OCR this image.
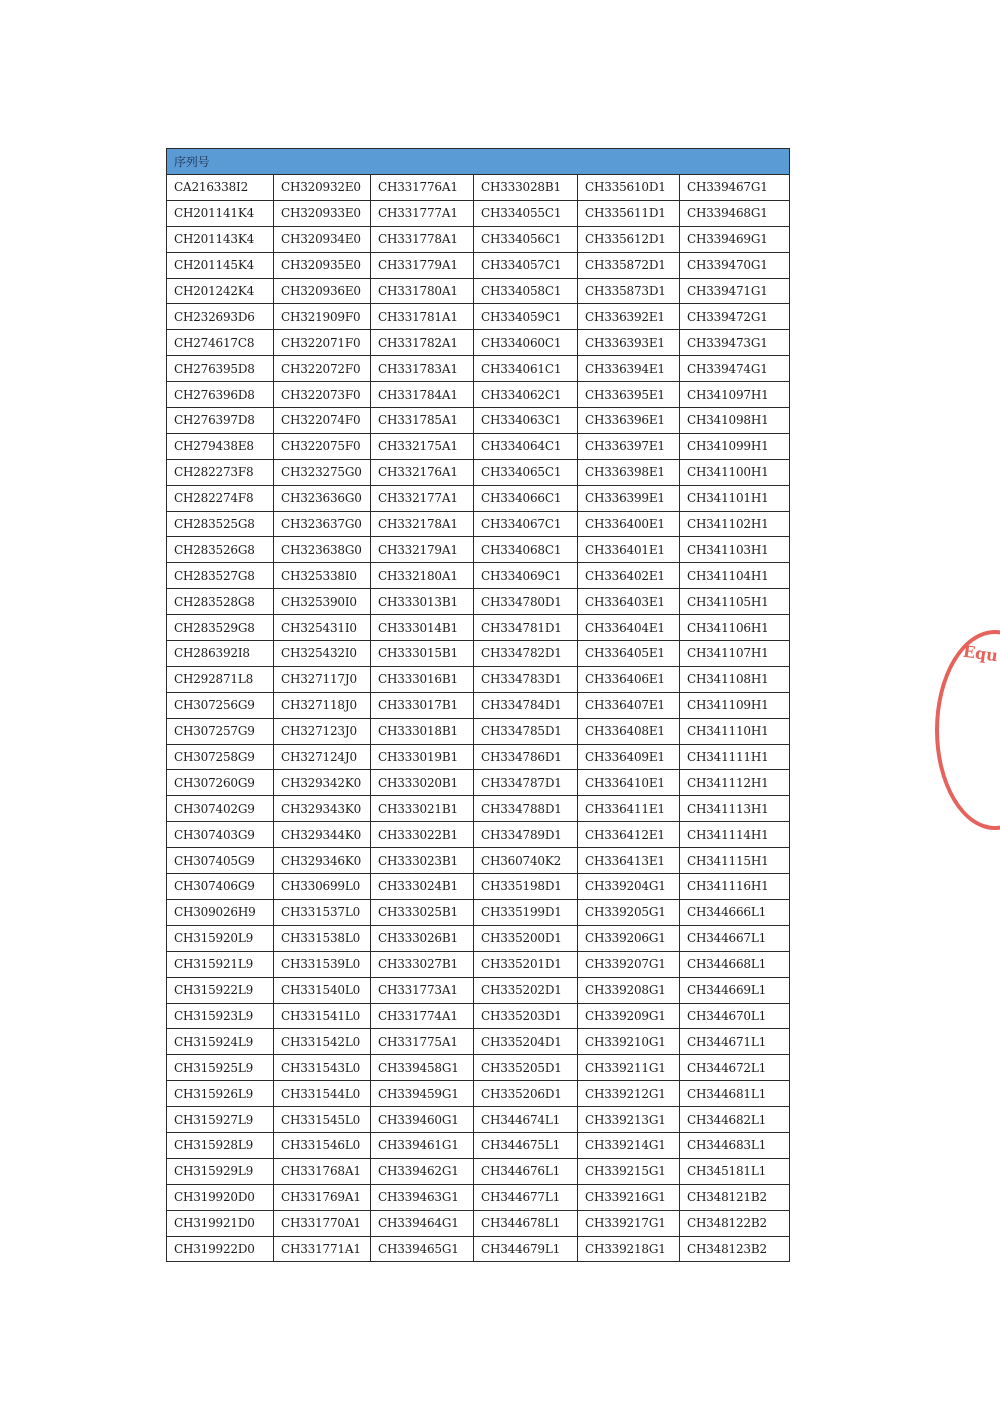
序列号					
CA216338I2	CH320932E0	CH331776A1	CH333028B1	CH335610D1	CH339467G1
CH201141K4	CH320933E0	CH331777A1	CH334055C1	CH335611D1	CH339468G1
CH201143K4	CH320934E0	CH331778A1	CH334056C1	CH335612D1	CH339469G1
CH201145K4	CH320935E0	CH331779A1	CH334057C1	CH335872D1	CH339470G1
CH201242K4	CH320936E0	CH331780A1	CH334058C1	CH335873D1	CH339471G1
CH232693D6	CH321909F0	CH331781A1	CH334059C1	CH336392E1	CH339472G1
CH274617C8	CH322071F0	CH331782A1	CH334060C1	CH336393E1	CH339473G1
CH276395D8	CH322072F0	CH331783A1	CH334061C1	CH336394E1	CH339474G1
CH276396D8	CH322073F0	CH331784A1	CH334062C1	CH336395E1	CH341097H1
CH276397D8	CH322074F0	CH331785A1	CH334063C1	CH336396E1	CH341098H1
CH279438E8	CH322075F0	CH332175A1	CH334064C1	CH336397E1	CH341099H1
CH282273F8	CH323275G0	CH332176A1	CH334065C1	CH336398E1	CH341100H1
CH282274F8	CH323636G0	CH332177A1	CH334066C1	CH336399E1	CH341101H1
CH283525G8	CH323637G0	CH332178A1	CH334067C1	CH336400E1	CH341102H1
CH283526G8	CH323638G0	CH332179A1	CH334068C1	CH336401E1	CH341103H1
CH283527G8	CH325338I0	CH332180A1	CH334069C1	CH336402E1	CH341104H1
CH283528G8	CH325390I0	CH333013B1	CH334780D1	CH336403E1	CH341105H1
CH283529G8	CH325431I0	CH333014B1	CH334781D1	CH336404E1	CH341106H1
CH286392I8	CH325432I0	CH333015B1	CH334782D1	CH336405E1	CH341107H1
CH292871L8	CH327117J0	CH333016B1	CH334783D1	CH336406E1	CH341108H1
CH307256G9	CH327118J0	CH333017B1	CH334784D1	CH336407E1	CH341109H1
CH307257G9	CH327123J0	CH333018B1	CH334785D1	CH336408E1	CH341110H1
CH307258G9	CH327124J0	CH333019B1	CH334786D1	CH336409E1	CH341111H1
CH307260G9	CH329342K0	CH333020B1	CH334787D1	CH336410E1	CH341112H1
CH307402G9	CH329343K0	CH333021B1	CH334788D1	CH336411E1	CH341113H1
CH307403G9	CH329344K0	CH333022B1	CH334789D1	CH336412E1	CH341114H1
CH307405G9	CH329346K0	CH333023B1	CH360740K2	CH336413E1	CH341115H1
CH307406G9	CH330699L0	CH333024B1	CH335198D1	CH339204G1	CH341116H1
CH309026H9	CH331537L0	CH333025B1	CH335199D1	CH339205G1	CH344666L1
CH315920L9	CH331538L0	CH333026B1	CH335200D1	CH339206G1	CH344667L1
CH315921L9	CH331539L0	CH333027B1	CH335201D1	CH339207G1	CH344668L1
CH315922L9	CH331540L0	CH331773A1	CH335202D1	CH339208G1	CH344669L1
CH315923L9	CH331541L0	CH331774A1	CH335203D1	CH339209G1	CH344670L1
CH315924L9	CH331542L0	CH331775A1	CH335204D1	CH339210G1	CH344671L1
CH315925L9	CH331543L0	CH339458G1	CH335205D1	CH339211G1	CH344672L1
CH315926L9	CH331544L0	CH339459G1	CH335206D1	CH339212G1	CH344681L1
CH315927L9	CH331545L0	CH339460G1	CH344674L1	CH339213G1	CH344682L1
CH315928L9	CH331546L0	CH339461G1	CH344675L1	CH339214G1	CH344683L1
CH315929L9	CH331768A1	CH339462G1	CH344676L1	CH339215G1	CH345181L1
CH319920D0	CH331769A1	CH339463G1	CH344677L1	CH339216G1	CH348121B2
CH319921D0	CH331770A1	CH339464G1	CH344678L1	CH339217G1	CH348122B2
CH319922D0	CH331771A1	CH339465G1	CH344679L1	CH339218G1	CH348123B2
Equ
